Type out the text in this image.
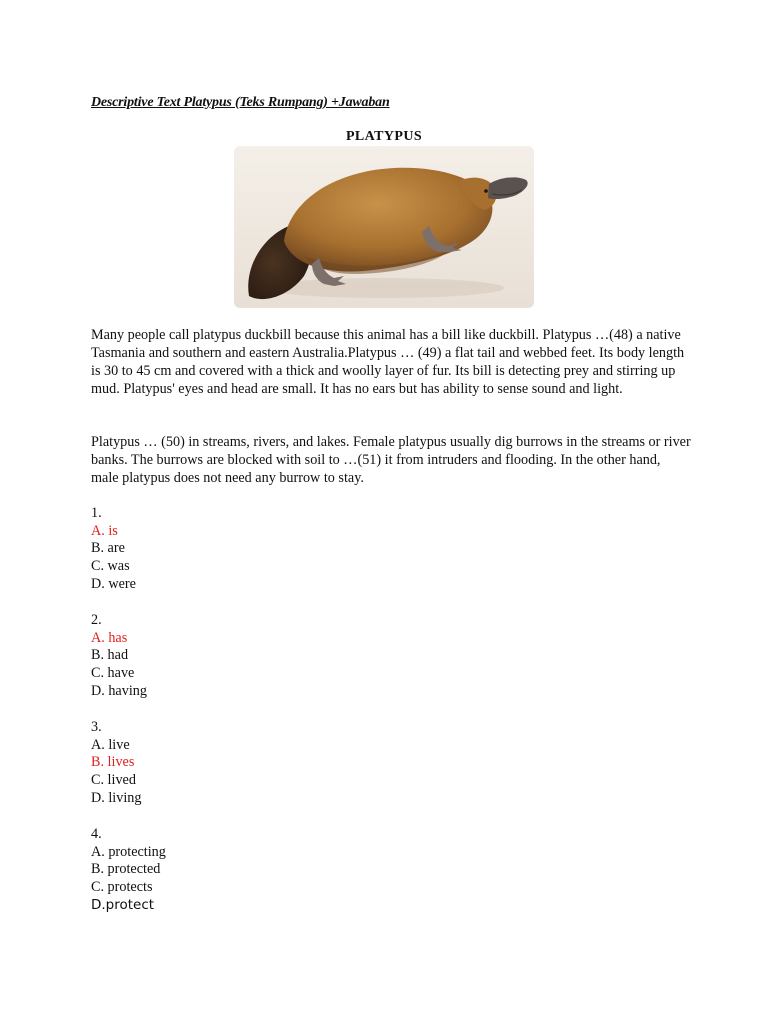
Descriptive Text Platypus (Teks Rumpang) +Jawaban
PLATYPUS

Many people call platypus duckbill because this animal has a bill like duckbill. Platypus …(48) a native Tasmania and southern and eastern Australia.Platypus … (49) a flat tail and webbed feet. Its body length is 30 to 45 cm and covered with a thick and woolly layer of fur. Its bill is detecting prey and stirring up mud. Platypus' eyes and head are small. It has no ears but has ability to sense sound and light.

Platypus … (50) in streams, rivers, and lakes. Female platypus usually dig burrows in the streams or river banks. The burrows are blocked with soil to …(51) it from intruders and flooding. In the other hand, male platypus does not need any burrow to stay.

1.
A. is
B. are
C. was
D. were
2.
A. has
B. had
C. have
D. having
3.
A. live
B. lives
C. lived
D. living
4.
A. protecting
B. protected
C. protects
D.protect
